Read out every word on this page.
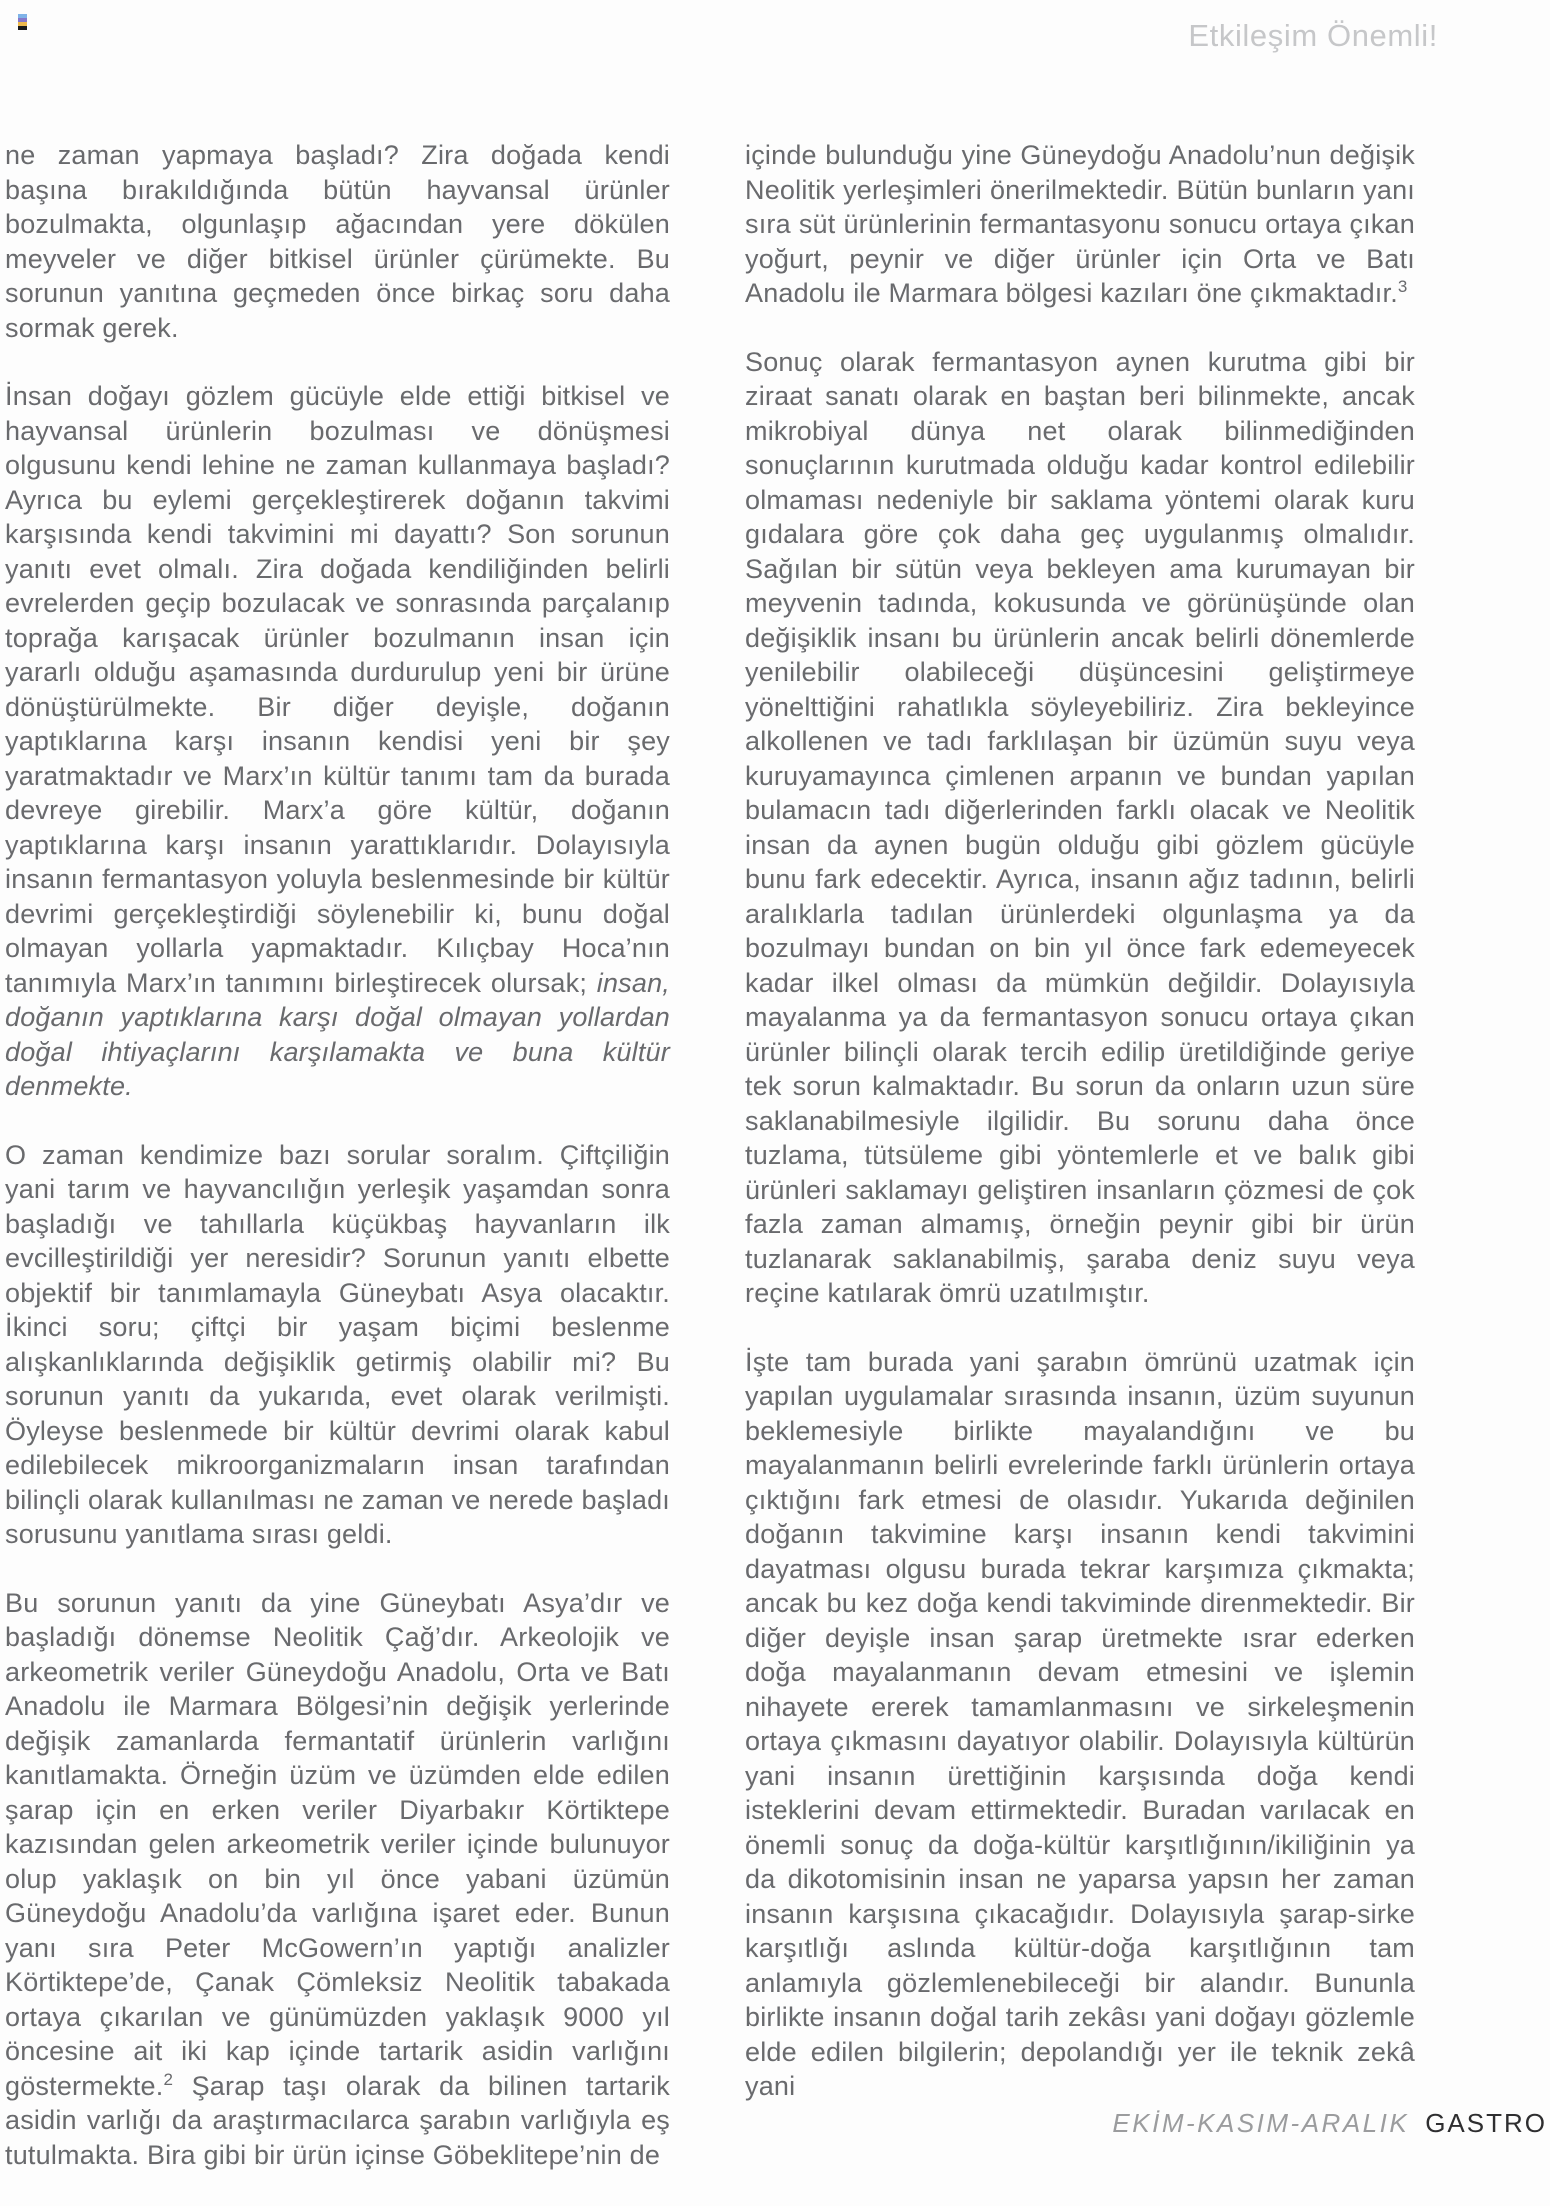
Etkileşim Önemli!

ne zaman yapmaya başladı? Zira doğada kendi başına bırakıldığında bütün hayvansal ürünler bozulmakta, olgunlaşıp ağacından yere dökülen meyveler ve diğer bitkisel ürünler çürümekte. Bu sorunun yanıtına geçmeden önce birkaç soru daha sormak gerek.

İnsan doğayı gözlem gücüyle elde ettiği bitkisel ve hayvansal ürünlerin bozulması ve dönüşmesi olgusunu kendi lehine ne zaman kullanmaya başladı? Ayrıca bu eylemi gerçekleştirerek doğanın takvimi karşısında kendi takvimini mi dayattı? Son sorunun yanıtı evet olmalı. Zira doğada kendiliğinden belirli evrelerden geçip bozulacak ve sonrasında parçalanıp toprağa karışacak ürünler bozulmanın insan için yararlı olduğu aşamasında durdurulup yeni bir ürüne dönüştürülmekte. Bir diğer deyişle, doğanın yaptıklarına karşı insanın kendisi yeni bir şey yaratmaktadır ve Marx’ın kültür tanımı tam da burada devreye girebilir. Marx’a göre kültür, doğanın yaptıklarına karşı insanın yarattıklarıdır. Dolayısıyla insanın fermantasyon yoluyla beslenmesinde bir kültür devrimi gerçekleştirdiği söylenebilir ki, bunu doğal olmayan yollarla yapmaktadır. Kılıçbay Hoca’nın tanımıyla Marx’ın tanımını birleştirecek olursak; insan, doğanın yaptıklarına karşı doğal olmayan yollardan doğal ihtiyaçlarını karşılamakta ve buna kültür denmekte.

O zaman kendimize bazı sorular soralım. Çiftçiliğin yani tarım ve hayvancılığın yerleşik yaşamdan sonra başladığı ve tahıllarla küçükbaş hayvanların ilk evcilleştirildiği yer neresidir? Sorunun yanıtı elbette objektif bir tanımlamayla Güneybatı Asya olacaktır. İkinci soru; çiftçi bir yaşam biçimi beslenme alışkanlıklarında değişiklik getirmiş olabilir mi? Bu sorunun yanıtı da yukarıda, evet olarak verilmişti. Öyleyse beslenmede bir kültür devrimi olarak kabul edilebilecek mikroorganizmaların insan tarafından bilinçli olarak kullanılması ne zaman ve nerede başladı sorusunu yanıtlama sırası geldi.

Bu sorunun yanıtı da yine Güneybatı Asya’dır ve başladığı dönemse Neolitik Çağ’dır. Arkeolojik ve arkeometrik veriler Güneydoğu Anadolu, Orta ve Batı Anadolu ile Marmara Bölgesi’nin değişik yerlerinde değişik zamanlarda fermantatif ürünlerin varlığını kanıtlamakta. Örneğin üzüm ve üzümden elde edilen şarap için en erken veriler Diyarbakır Körtiktepe kazısından gelen arkeometrik veriler içinde bulunuyor olup yaklaşık on bin yıl önce yabani üzümün Güneydoğu Anadolu’da varlığına işaret eder. Bunun yanı sıra Peter McGowern’ın yaptığı analizler Körtiktepe’de, Çanak Çömleksiz Neolitik tabakada ortaya çıkarılan ve günümüzden yaklaşık 9000 yıl öncesine ait iki kap içinde tartarik asidin varlığını göstermekte.$^2$ Şarap taşı olarak da bilinen tartarik asidin varlığı da araştırmacılarca şarabın varlığıyla eş tutulmakta. Bira gibi bir ürün içinse Göbeklitepe’nin de

içinde bulunduğu yine Güneydoğu Anadolu’nun değişik Neolitik yerleşimleri önerilmektedir. Bütün bunların yanı sıra süt ürünlerinin fermantasyonu sonucu ortaya çıkan yoğurt, peynir ve diğer ürünler için Orta ve Batı Anadolu ile Marmara bölgesi kazıları öne çıkmaktadır.$^3$

Sonuç olarak fermantasyon aynen kurutma gibi bir ziraat sanatı olarak en baştan beri bilinmekte, ancak mikrobiyal dünya net olarak bilinmediğinden sonuçlarının kurutmada olduğu kadar kontrol edilebilir olmaması nedeniyle bir saklama yöntemi olarak kuru gıdalara göre çok daha geç uygulanmış olmalıdır. Sağılan bir sütün veya bekleyen ama kurumayan bir meyvenin tadında, kokusunda ve görünüşünde olan değişiklik insanı bu ürünlerin ancak belirli dönemlerde yenilebilir olabileceği düşüncesini geliştirmeye yönelttiğini rahatlıkla söyleyebiliriz. Zira bekleyince alkollenen ve tadı farklılaşan bir üzümün suyu veya kuruyamayınca çimlenen arpanın ve bundan yapılan bulamacın tadı diğerlerinden farklı olacak ve Neolitik insan da aynen bugün olduğu gibi gözlem gücüyle bunu fark edecektir. Ayrıca, insanın ağız tadının, belirli aralıklarla tadılan ürünlerdeki olgunlaşma ya da bozulmayı bundan on bin yıl önce fark edemeyecek kadar ilkel olması da mümkün değildir. Dolayısıyla mayalanma ya da fermantasyon sonucu ortaya çıkan ürünler bilinçli olarak tercih edilip üretildiğinde geriye tek sorun kalmaktadır. Bu sorun da onların uzun süre saklanabilmesiyle ilgilidir. Bu sorunu daha önce tuzlama, tütsüleme gibi yöntemlerle et ve balık gibi ürünleri saklamayı geliştiren insanların çözmesi de çok fazla zaman almamış, örneğin peynir gibi bir ürün tuzlanarak saklanabilmiş, şaraba deniz suyu veya reçine katılarak ömrü uzatılmıştır.

İşte tam burada yani şarabın ömrünü uzatmak için yapılan uygulamalar sırasında insanın, üzüm suyunun beklemesiyle birlikte mayalandığını ve bu mayalanmanın belirli evrelerinde farklı ürünlerin ortaya çıktığını fark etmesi de olasıdır. Yukarıda değinilen doğanın takvimine karşı insanın kendi takvimini dayatması olgusu burada tekrar karşımıza çıkmakta; ancak bu kez doğa kendi takviminde direnmektedir. Bir diğer deyişle insan şarap üretmekte ısrar ederken doğa mayalanmanın devam etmesini ve işlemin nihayete ererek tamamlanmasını ve sirkeleşmenin ortaya çıkmasını dayatıyor olabilir. Dolayısıyla kültürün yani insanın ürettiğinin karşısında doğa kendi isteklerini devam ettirmektedir. Buradan varılacak en önemli sonuç da doğa-kültür karşıtlığının/ikiliğinin ya da dikotomisinin insan ne yaparsa yapsın her zaman insanın karşısına çıkacağıdır. Dolayısıyla şarap-sirke karşıtlığı aslında kültür-doğa karşıtlığının tam anlamıyla gözlemlenebileceği bir alandır. Bununla birlikte insanın doğal tarih zekâsı yani doğayı gözlemle elde edilen bilgilerin; depolandığı yer ile teknik zekâ yani

EKİM-KASIM-ARALIK GASTRO
